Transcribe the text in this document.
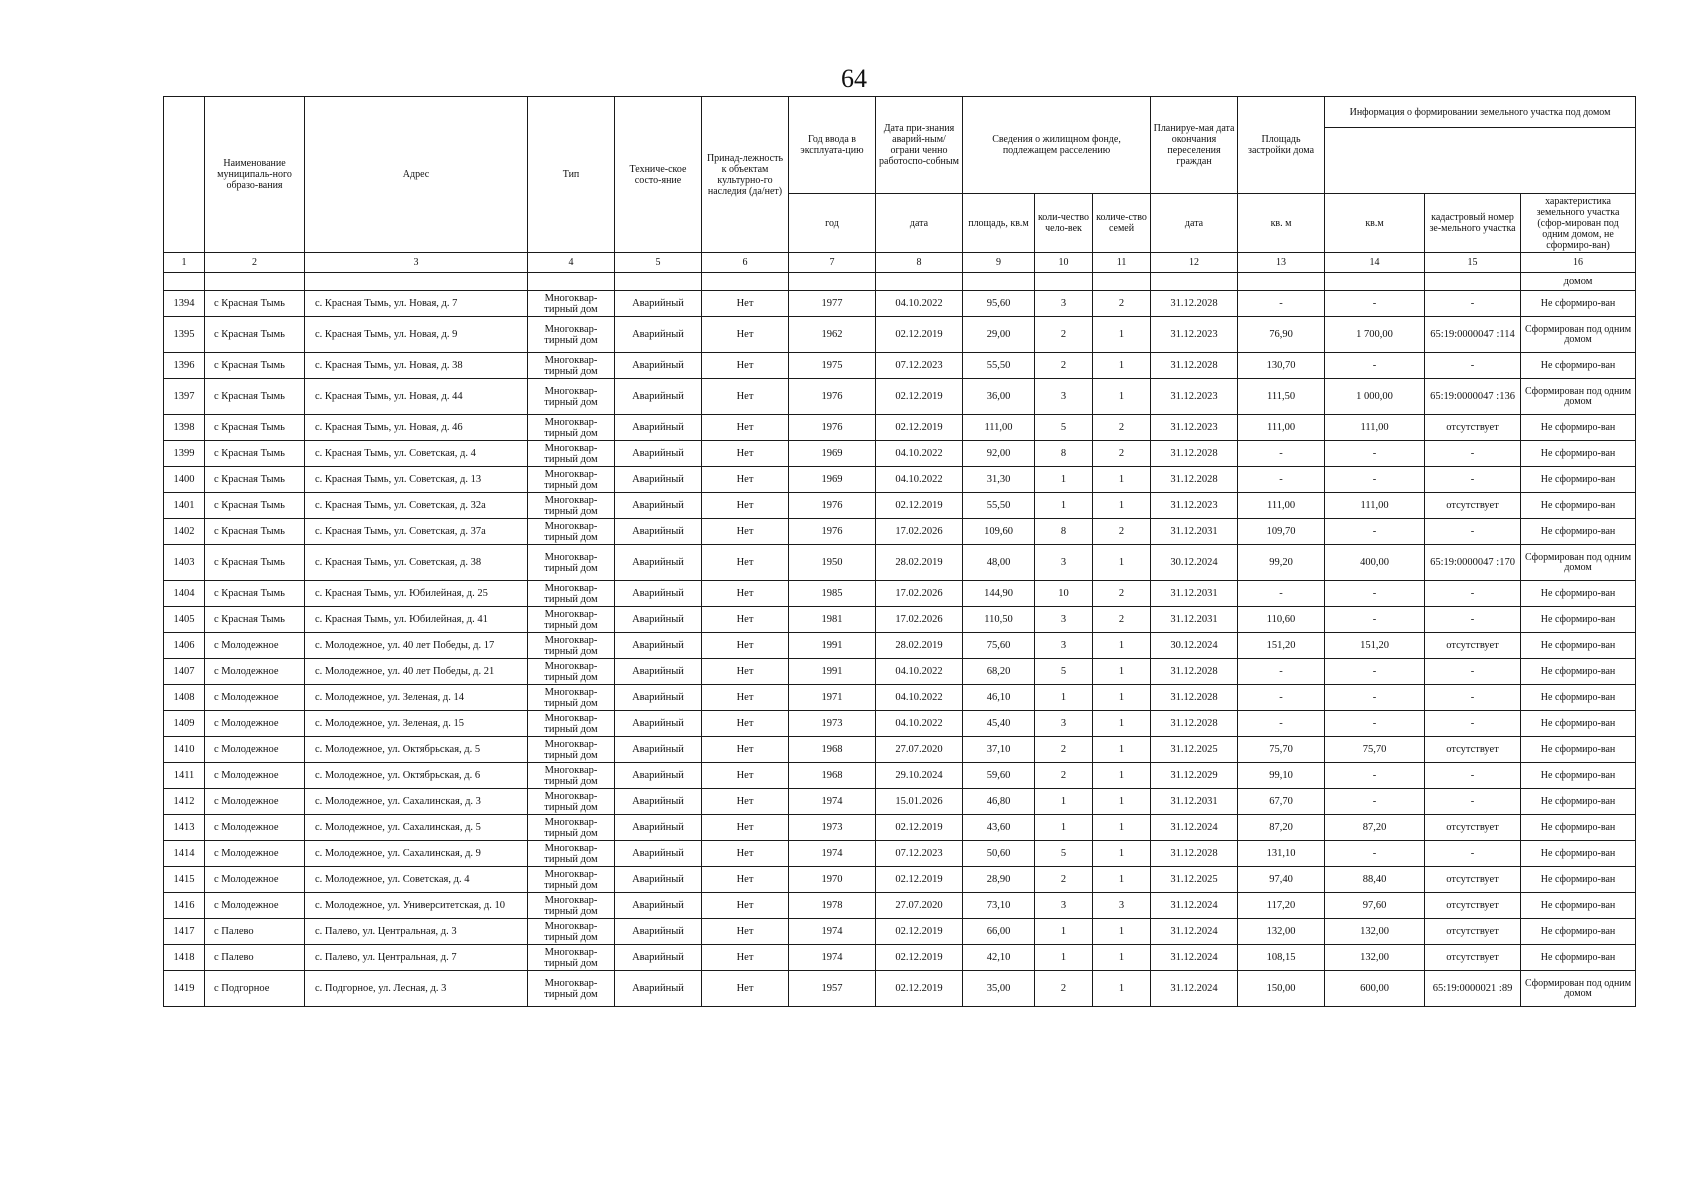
64
	Наименование муниципаль-ного образо-вания	Адрес	Тип	Техниче-ское состо-яние	Принад-лежность к объектам культурно-го наследия (да/нет)	Год ввода в эксплуата-цию	Дата при-знания аварий-ным/ограни ченно работоспо-собным	Сведения о жилищном фонде, подлежащем расселению			Планируе-мая дата окончания переселения граждан	Площадь застройки дома	Информация о формировании земельного участка под домом		

						год	дата	площадь, кв.м	коли-чество чело-век	количе-ство семей	дата	кв. м	кв.м	кадастровый номер зе-мельного участка	характеристика земельного участка (сфор-мирован под одним домом, не сформиро-ван)
1	2	3	4	5	6	7	8	9	10	11	12	13	14	15	16
															домом
1394	с Красная Тымь	с. Красная Тымь, ул. Новая, д. 7	Многоквар-тирный дом	Аварийный	Нет	1977	04.10.2022	95,60	3	2	31.12.2028	-	-	-	Не сформиро-ван
1395	с Красная Тымь	с. Красная Тымь, ул. Новая, д. 9	Многоквар-тирный дом	Аварийный	Нет	1962	02.12.2019	29,00	2	1	31.12.2023	76,90	1 700,00	65:19:0000047 :114	Сформирован под одним домом
1396	с Красная Тымь	с. Красная Тымь, ул. Новая, д. 38	Многоквар-тирный дом	Аварийный	Нет	1975	07.12.2023	55,50	2	1	31.12.2028	130,70	-	-	Не сформиро-ван
1397	с Красная Тымь	с. Красная Тымь, ул. Новая, д. 44	Многоквар-тирный дом	Аварийный	Нет	1976	02.12.2019	36,00	3	1	31.12.2023	111,50	1 000,00	65:19:0000047 :136	Сформирован под одним домом
1398	с Красная Тымь	с. Красная Тымь, ул. Новая, д. 46	Многоквар-тирный дом	Аварийный	Нет	1976	02.12.2019	111,00	5	2	31.12.2023	111,00	111,00	отсутствует	Не сформиро-ван
1399	с Красная Тымь	с. Красная Тымь, ул. Советская, д. 4	Многоквар-тирный дом	Аварийный	Нет	1969	04.10.2022	92,00	8	2	31.12.2028	-	-	-	Не сформиро-ван
1400	с Красная Тымь	с. Красная Тымь, ул. Советская, д. 13	Многоквар-тирный дом	Аварийный	Нет	1969	04.10.2022	31,30	1	1	31.12.2028	-	-	-	Не сформиро-ван
1401	с Красная Тымь	с. Красная Тымь, ул. Советская, д. 32а	Многоквар-тирный дом	Аварийный	Нет	1976	02.12.2019	55,50	1	1	31.12.2023	111,00	111,00	отсутствует	Не сформиро-ван
1402	с Красная Тымь	с. Красная Тымь, ул. Советская, д. 37а	Многоквар-тирный дом	Аварийный	Нет	1976	17.02.2026	109,60	8	2	31.12.2031	109,70	-	-	Не сформиро-ван
1403	с Красная Тымь	с. Красная Тымь, ул. Советская, д. 38	Многоквар-тирный дом	Аварийный	Нет	1950	28.02.2019	48,00	3	1	30.12.2024	99,20	400,00	65:19:0000047 :170	Сформирован под одним домом
1404	с Красная Тымь	с. Красная Тымь, ул. Юбилейная, д. 25	Многоквар-тирный дом	Аварийный	Нет	1985	17.02.2026	144,90	10	2	31.12.2031	-	-	-	Не сформиро-ван
1405	с Красная Тымь	с. Красная Тымь, ул. Юбилейная, д. 41	Многоквар-тирный дом	Аварийный	Нет	1981	17.02.2026	110,50	3	2	31.12.2031	110,60	-	-	Не сформиро-ван
1406	с Молодежное	с. Молодежное, ул. 40 лет Победы, д. 17	Многоквар-тирный дом	Аварийный	Нет	1991	28.02.2019	75,60	3	1	30.12.2024	151,20	151,20	отсутствует	Не сформиро-ван
1407	с Молодежное	с. Молодежное, ул. 40 лет Победы, д. 21	Многоквар-тирный дом	Аварийный	Нет	1991	04.10.2022	68,20	5	1	31.12.2028	-	-	-	Не сформиро-ван
1408	с Молодежное	с. Молодежное, ул. Зеленая, д. 14	Многоквар-тирный дом	Аварийный	Нет	1971	04.10.2022	46,10	1	1	31.12.2028	-	-	-	Не сформиро-ван
1409	с Молодежное	с. Молодежное, ул. Зеленая, д. 15	Многоквар-тирный дом	Аварийный	Нет	1973	04.10.2022	45,40	3	1	31.12.2028	-	-	-	Не сформиро-ван
1410	с Молодежное	с. Молодежное, ул. Октябрьская, д. 5	Многоквар-тирный дом	Аварийный	Нет	1968	27.07.2020	37,10	2	1	31.12.2025	75,70	75,70	отсутствует	Не сформиро-ван
1411	с Молодежное	с. Молодежное, ул. Октябрьская, д. 6	Многоквар-тирный дом	Аварийный	Нет	1968	29.10.2024	59,60	2	1	31.12.2029	99,10	-	-	Не сформиро-ван
1412	с Молодежное	с. Молодежное, ул. Сахалинская, д. 3	Многоквар-тирный дом	Аварийный	Нет	1974	15.01.2026	46,80	1	1	31.12.2031	67,70	-	-	Не сформиро-ван
1413	с Молодежное	с. Молодежное, ул. Сахалинская, д. 5	Многоквар-тирный дом	Аварийный	Нет	1973	02.12.2019	43,60	1	1	31.12.2024	87,20	87,20	отсутствует	Не сформиро-ван
1414	с Молодежное	с. Молодежное, ул. Сахалинская, д. 9	Многоквар-тирный дом	Аварийный	Нет	1974	07.12.2023	50,60	5	1	31.12.2028	131,10	-	-	Не сформиро-ван
1415	с Молодежное	с. Молодежное, ул. Советская, д. 4	Многоквар-тирный дом	Аварийный	Нет	1970	02.12.2019	28,90	2	1	31.12.2025	97,40	88,40	отсутствует	Не сформиро-ван
1416	с Молодежное	с. Молодежное, ул. Университетская, д. 10	Многоквар-тирный дом	Аварийный	Нет	1978	27.07.2020	73,10	3	3	31.12.2024	117,20	97,60	отсутствует	Не сформиро-ван
1417	с Палево	с. Палево, ул. Центральная, д. 3	Многоквар-тирный дом	Аварийный	Нет	1974	02.12.2019	66,00	1	1	31.12.2024	132,00	132,00	отсутствует	Не сформиро-ван
1418	с Палево	с. Палево, ул. Центральная, д. 7	Многоквар-тирный дом	Аварийный	Нет	1974	02.12.2019	42,10	1	1	31.12.2024	108,15	132,00	отсутствует	Не сформиро-ван
1419	с Подгорное	с. Подгорное, ул. Лесная, д. 3	Многоквар-тирный дом	Аварийный	Нет	1957	02.12.2019	35,00	2	1	31.12.2024	150,00	600,00	65:19:0000021 :89	Сформирован под одним домом
